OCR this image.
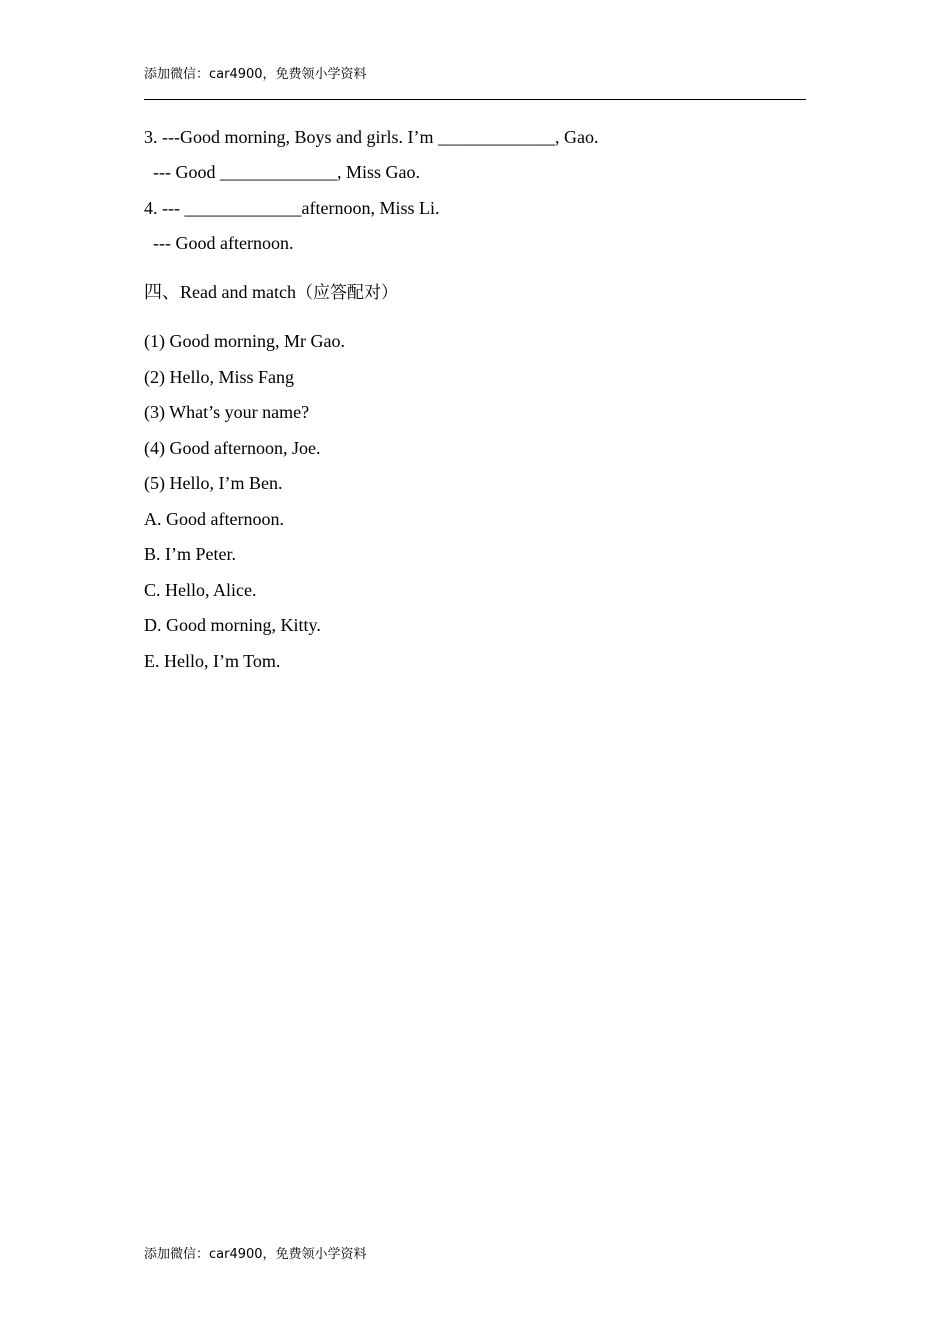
添加微信：car4900，免费领小学资料
3. ---Good morning, Boys and girls. I’m _____________, Gao.
--- Good _____________, Miss Gao.
4. --- _____________afternoon, Miss Li.
--- Good afternoon.
四、Read and match（应答配对）
(1) Good morning, Mr Gao.
(2) Hello, Miss Fang
(3) What’s your name?
(4) Good afternoon, Joe.
(5) Hello, I’m Ben.
A. Good afternoon.
B. I’m Peter.
C. Hello, Alice.
D. Good morning, Kitty.
E. Hello, I’m Tom.
添加微信：car4900，免费领小学资料
